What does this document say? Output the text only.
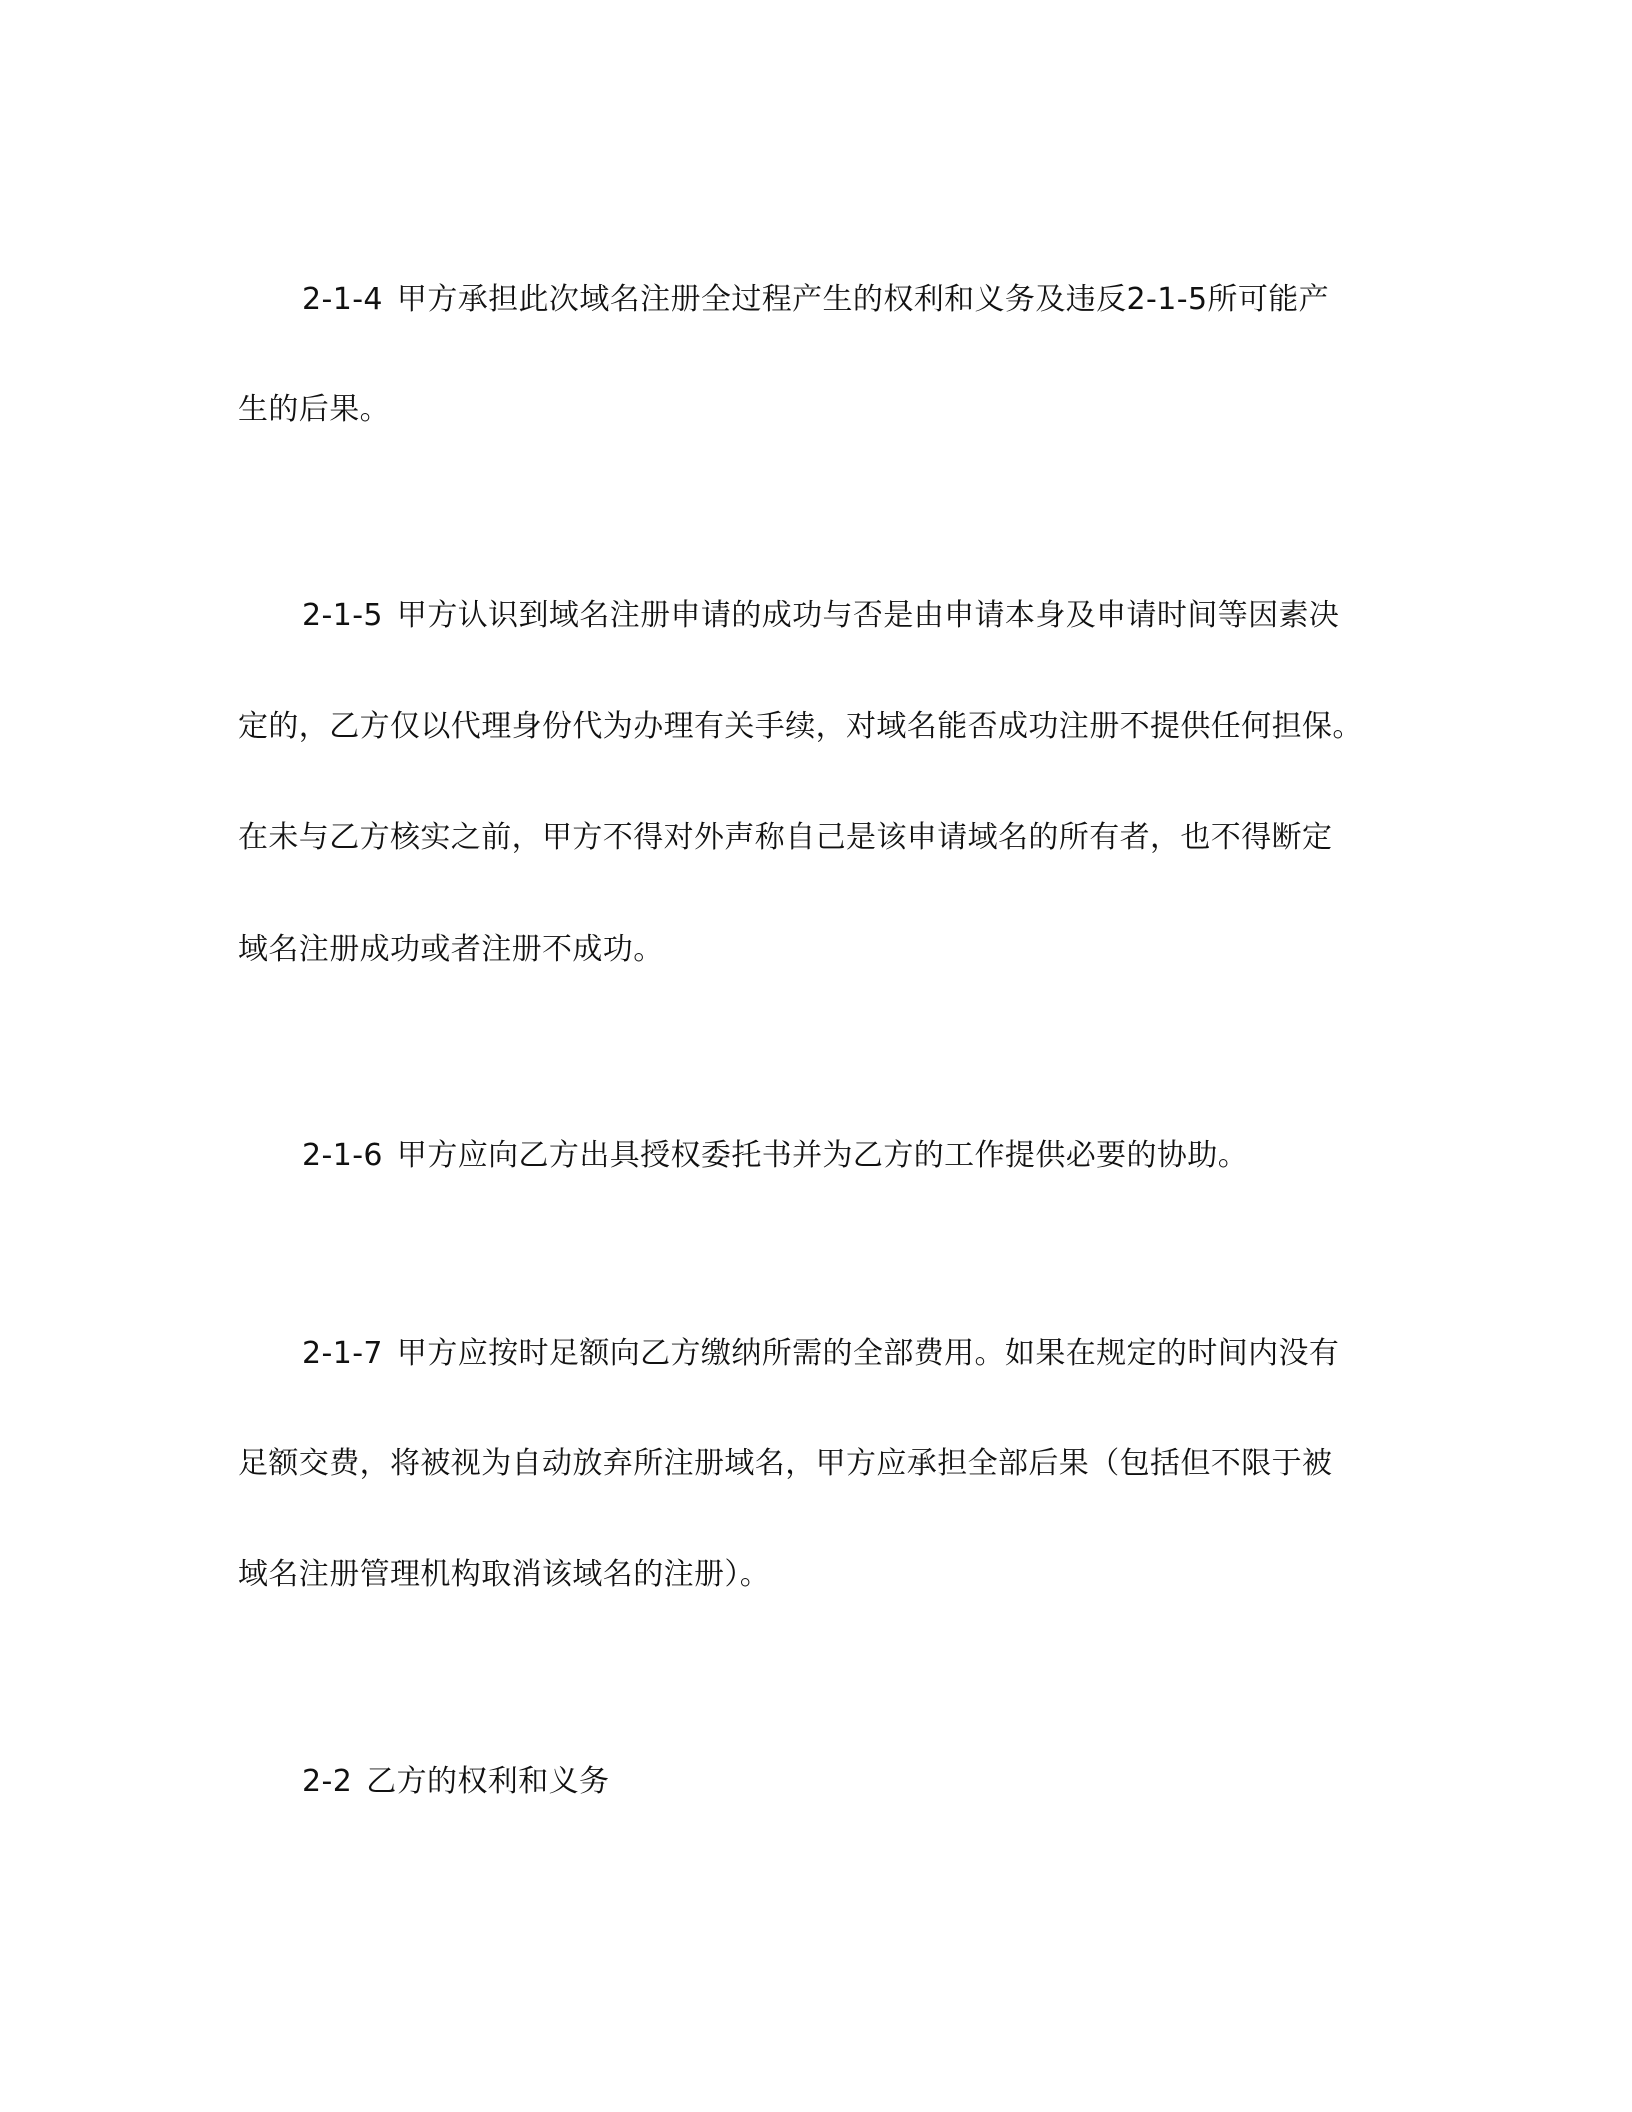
2-1-4 甲方承担此次域名注册全过程产生的权利和义务及违反2-1-5所可能产
生的后果。
2-1-5 甲方认识到域名注册申请的成功与否是由申请本身及申请时间等因素决
定的，乙方仅以代理身份代为办理有关手续，对域名能否成功注册不提供任何担保。
在未与乙方核实之前，甲方不得对外声称自己是该申请域名的所有者，也不得断定
域名注册成功或者注册不成功。
2-1-6 甲方应向乙方出具授权委托书并为乙方的工作提供必要的协助。
2-1-7 甲方应按时足额向乙方缴纳所需的全部费用。如果在规定的时间内没有
足额交费，将被视为自动放弃所注册域名，甲方应承担全部后果（包括但不限于被
域名注册管理机构取消该域名的注册）。
2-2 乙方的权利和义务
